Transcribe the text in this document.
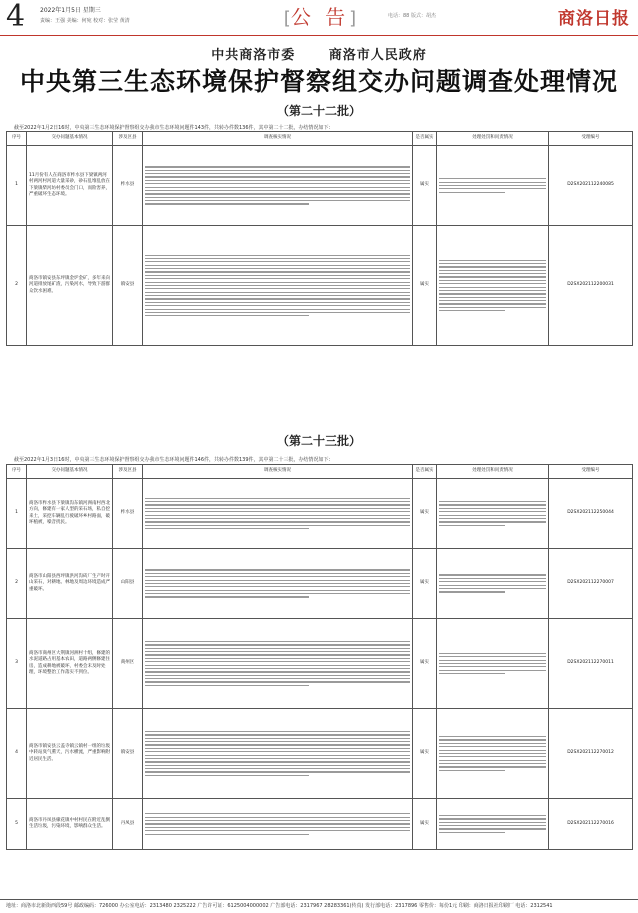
4 2022年1月5日 星期三
责编：王强 美编：何宛 校对：张莹 黄清	[公 告]	电话：88 版式：胡杰	商洛日报
中共商洛市委	商洛市人民政府
中央第三生态环境保护督察组交办问题调查处理情况
（第二十二批）
截至2022年1月2日16时，中央第三生态环境保护督察组交办我市生态环境问题件143件，共转办件数136件，其中第二十二批，办结情况如下：
序号	交办问题基本情况	涉及区县	调查核实情况	是否属实	处理处罚和问责情况	受理编号
1	11月份有人在商洛市柞水县下梁镇两河村两河村河道大量采砂，砂石乱堆乱放在下梁镇柴河坊村委员会门口，而险害养，严重破坏生态环境。	柞水县		属实		D2SX202112240085
2	商洛市镇安县东坪镇金炉金矿，多年来向河道排放尾矿渣，污染河水，导致下游群众饮水困难。	镇安县		属实		D2SX202112200031
（第二十三批）
截至2022年1月3日16时，中央第三生态环境保护督察组交办我市生态环境问题件146件，共转办件数139件，其中第二十三批，办结情况如下：
序号	交办问题基本情况	涉及区县	调查核实情况	是否属实	处理处罚和问责情况	受理编号
1	商洛市柞水县下梁镇沟东镇河洲南村西北方向，修建有一家人型的采石场，私自挖来土，采挖车辆乱行驶破坏乡村路面，破坏植被，噪音扰民。	柞水县		属实		D2SX202112250044
2	商洛市山阳县西坪镇洪河沟砖厂生产时开山采石，对耕地、林地及周边环境造成严重破坏。	山阳县		属实		D2SX202112270007
3	商洛市商州区大荆镇河洲村十组，修建的水泥道路占用基本农田，道路两侧修建住房，造成耕地被破坏，村委会未及时处理，环境整治工作落实不到位。	商州区		属实		D2SX202112270011
4	商洛市镇安县云盖寺镇云镇村一组的垃圾中转站臭气熏天，污水横流，严重影响附近居民生活。	镇安县		属实		D2SX202112270012
5	商洛市丹凤县棣花镇中村村民在附近乱倒生活垃圾，污染环境，影响群众生活。	丹凤县		属实		D2SX202112270016
地址：商洛市北新街西段59号 邮政编码：726000 办公室电话：2313480 2325222 广告许可证：6125004000002 广告部电话：2317967 28283361(传真) 发行部电话：2317896 零售价：每份1元 印刷：商洛日报社印刷厂 电话：2312541
